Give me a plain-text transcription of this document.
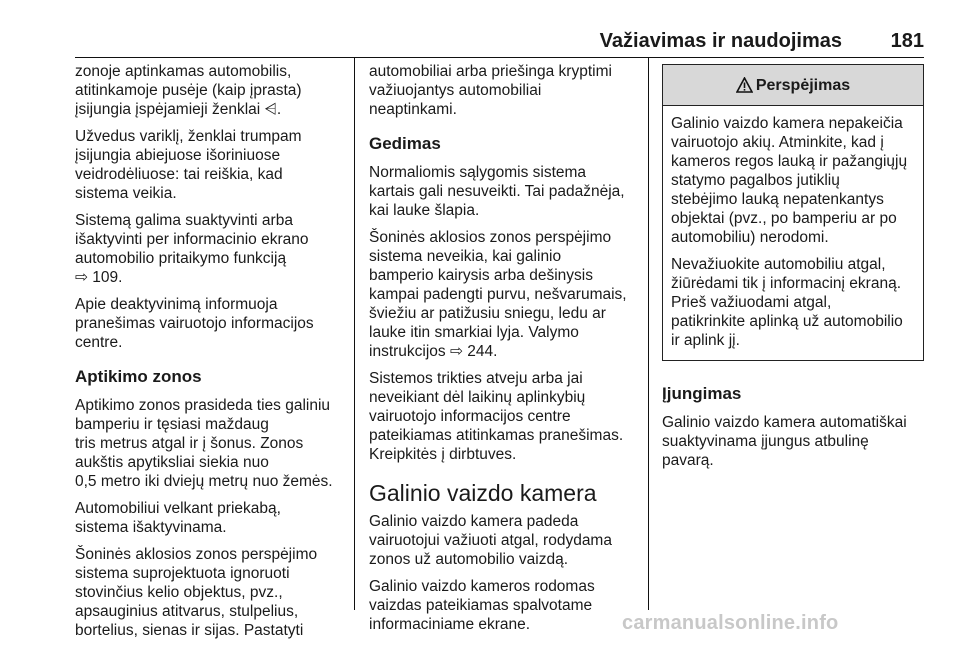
Važiavimas ir naudojimas 181

zonoje aptinkamas automobilis,
atitinkamoje pusėje (kaip įprasta)
įsijungia įspėjamieji ženklai ⩤.

Užvedus variklį, ženklai trumpam
įsijungia abiejuose išoriniuose
veidrodėliuose: tai reiškia, kad
sistema veikia.

Sistemą galima suaktyvinti arba
išaktyvinti per informacinio ekrano
automobilio pritaikymo funkciją
⇨ 109.

Apie deaktyvinimą informuoja
pranešimas vairuotojo informacijos
centre.

Aptikimo zonos

Aptikimo zonos prasideda ties galiniu
bamperiu ir tęsiasi maždaug
tris metrus atgal ir į šonus. Zonos
aukštis apytiksliai siekia nuo
0,5 metro iki dviejų metrų nuo žemės.

Automobiliui velkant priekabą,
sistema išaktyvinama.

Šoninės aklosios zonos perspėjimo
sistema suprojektuota ignoruoti
stovinčius kelio objektus, pvz.,
apsauginius atitvarus, stulpelius,
bortelius, sienas ir sijas. Pastatyti

automobiliai arba priešinga kryptimi
važiuojantys automobiliai
neaptinkami.

Gedimas

Normaliomis sąlygomis sistema
kartais gali nesuveikti. Tai padažnėja,
kai lauke šlapia.

Šoninės aklosios zonos perspėjimo
sistema neveikia, kai galinio
bamperio kairysis arba dešinysis
kampai padengti purvu, nešvarumais,
šviežiu ar patižusiu sniegu, ledu ar
lauke itin smarkiai lyja. Valymo
instrukcijos ⇨ 244.

Sistemos trikties atveju arba jai
neveikiant dėl laikinų aplinkybių
vairuotojo informacijos centre
pateikiamas atitinkamas pranešimas.
Kreipkitės į dirbtuves.

Galinio vaizdo kamera

Galinio vaizdo kamera padeda
vairuotojui važiuoti atgal, rodydama
zonos už automobilio vaizdą.

Galinio vaizdo kameros rodomas
vaizdas pateikiamas spalvotame
informaciniame ekrane.

Perspėjimas

Galinio vaizdo kamera nepakeičia
vairuotojo akių. Atminkite, kad į
kameros regos lauką ir pažangiųjų
statymo pagalbos jutiklių
stebėjimo lauką nepatenkantys
objektai (pvz., po bamperiu ar po
automobiliu) nerodomi.

Nevažiuokite automobiliu atgal,
žiūrėdami tik į informacinį ekraną.
Prieš važiuodami atgal,
patikrinkite aplinką už automobilio
ir aplink jį.

Įjungimas

Galinio vaizdo kamera automatiškai
suaktyvinama įjungus atbulinę
pavarą.

carmanualsonline.info
